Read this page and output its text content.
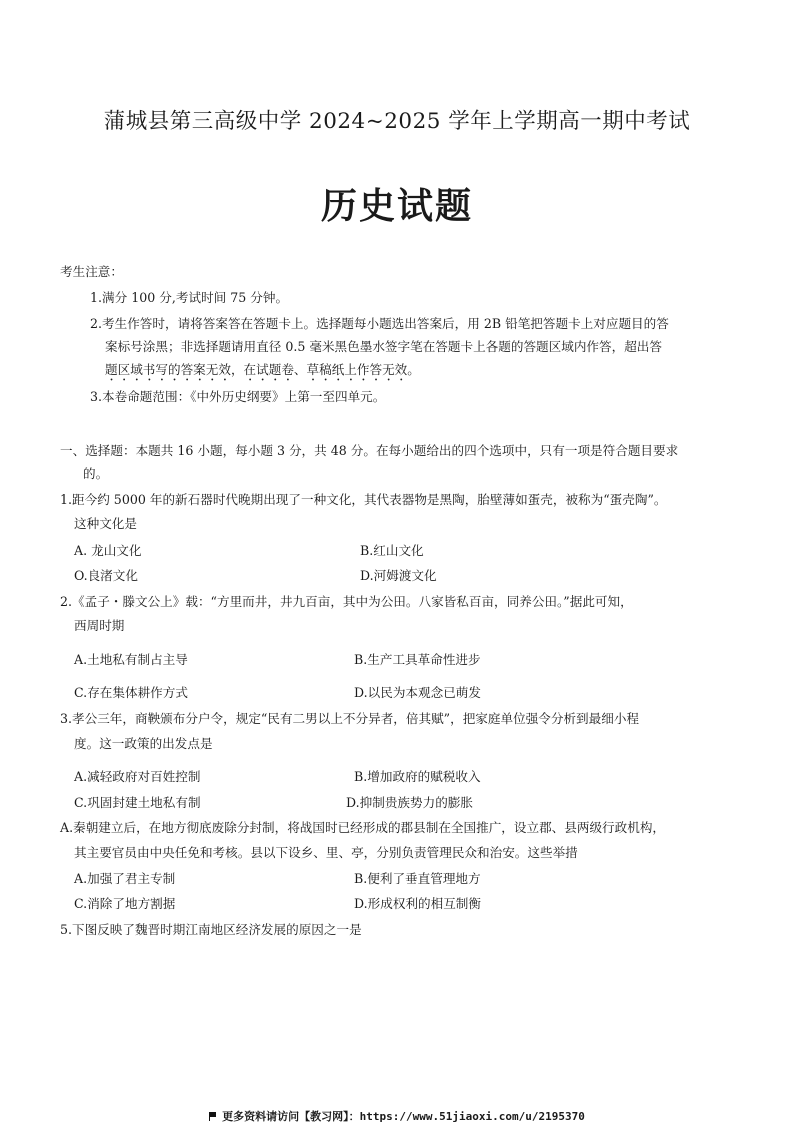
蒲城县第三高级中学 2024~2025 学年上学期高一期中考试
历史试题
考生注意：
1.满分 100 分,考试时间 75 分钟。
2.考生作答时，请将答案答在答题卡上。选择题每小题选出答案后，用 2B 铅笔把答题卡上对应题目的答
案标号涂黑；非选择题请用直径 0.5 毫米黑色墨水签字笔在答题卡上各题的答题区域内作答，超出答
题区域书写的答案无效，在试题卷、草稿纸上作答无效。
3.本卷命题范围：《中外历史纲要》上第一至四单元。
一、选择题：本题共 16 小题，每小题 3 分，共 48 分。在每小题给出的四个选项中，只有一项是符合题目要求
的。
1.距今约 5000 年的新石器时代晚期出现了一种文化，其代表器物是黑陶，胎壁薄如蛋壳，被称为“蛋壳陶”。
这种文化是
A. 龙山文化	B.红山文化
O.良渚文化	D.河姆渡文化
2.《孟子・滕文公上》载：“方里而井，井九百亩，其中为公田。八家皆私百亩，同养公田。”据此可知，
西周时期
A.土地私有制占主导	B.生产工具革命性进步
C.存在集体耕作方式	D.以民为本观念已萌发
3.孝公三年，商鞅颁布分户令，规定“民有二男以上不分异者，倍其赋”，把家庭单位强令分析到最细小程
度。这一政策的出发点是
A.减轻政府对百姓控制	B.增加政府的赋税收入
C.巩固封建土地私有制	D.抑制贵族势力的膨胀
A.秦朝建立后，在地方彻底废除分封制，将战国时已经形成的郡县制在全国推广，设立郡、县两级行政机构，
其主要官员由中央任免和考核。县以下设乡、里、亭，分别负责管理民众和治安。这些举措
A.加强了君主专制	B.便利了垂直管理地方
C.消除了地方割据	D.形成权利的相互制衡
5.下图反映了魏晋时期江南地区经济发展的原因之一是
更多资料请访问【教习网】：https://www.51jiaoxi.com/u/2195370
